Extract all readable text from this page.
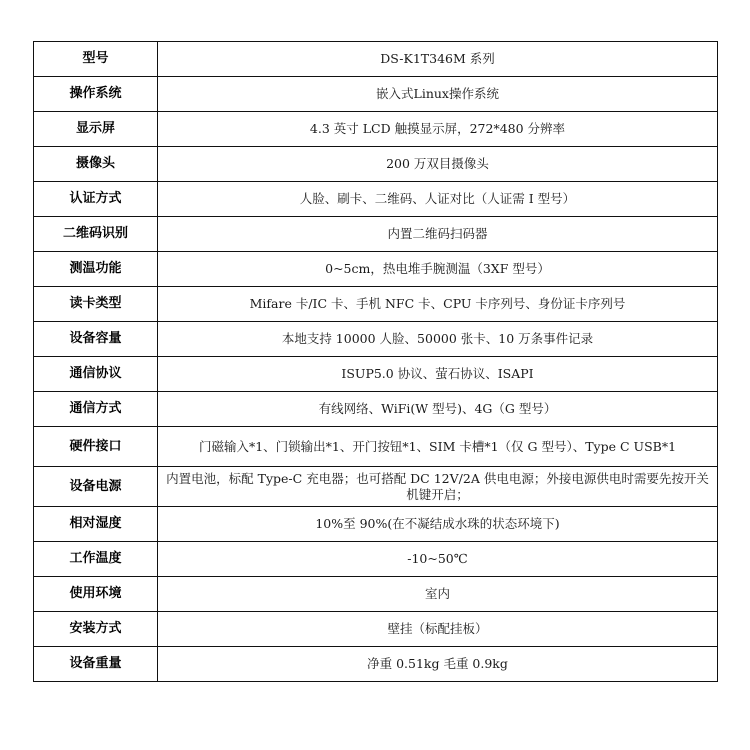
型号	DS-K1T346M 系列
操作系统	嵌入式Linux操作系统
显示屏	4.3 英寸 LCD 触摸显示屏，272*480 分辨率
摄像头	200 万双目摄像头
认证方式	人脸、刷卡、二维码、人证对比（人证需 I 型号）
二维码识别	内置二维码扫码器
测温功能	0~5cm，热电堆手腕测温（3XF 型号）
读卡类型	Mifare 卡/IC 卡、手机 NFC 卡、CPU 卡序列号、身份证卡序列号
设备容量	本地支持 10000 人脸、50000 张卡、10 万条事件记录
通信协议	ISUP5.0 协议、萤石协议、ISAPI
通信方式	有线网络、WiFi(W 型号)、4G（G 型号）
硬件接口	门磁输入*1、门锁输出*1、开门按钮*1、SIM 卡槽*1（仅 G 型号）、Type C USB*1
设备电源	内置电池，标配 Type-C 充电器；也可搭配 DC 12V/2A 供电电源；外接电源供电时需要先按开关机键开启；
相对湿度	10%至 90%(在不凝结成水珠的状态环境下)
工作温度	-10~50℃
使用环境	室内
安装方式	壁挂（标配挂板）
设备重量	净重 0.51kg 毛重 0.9kg
